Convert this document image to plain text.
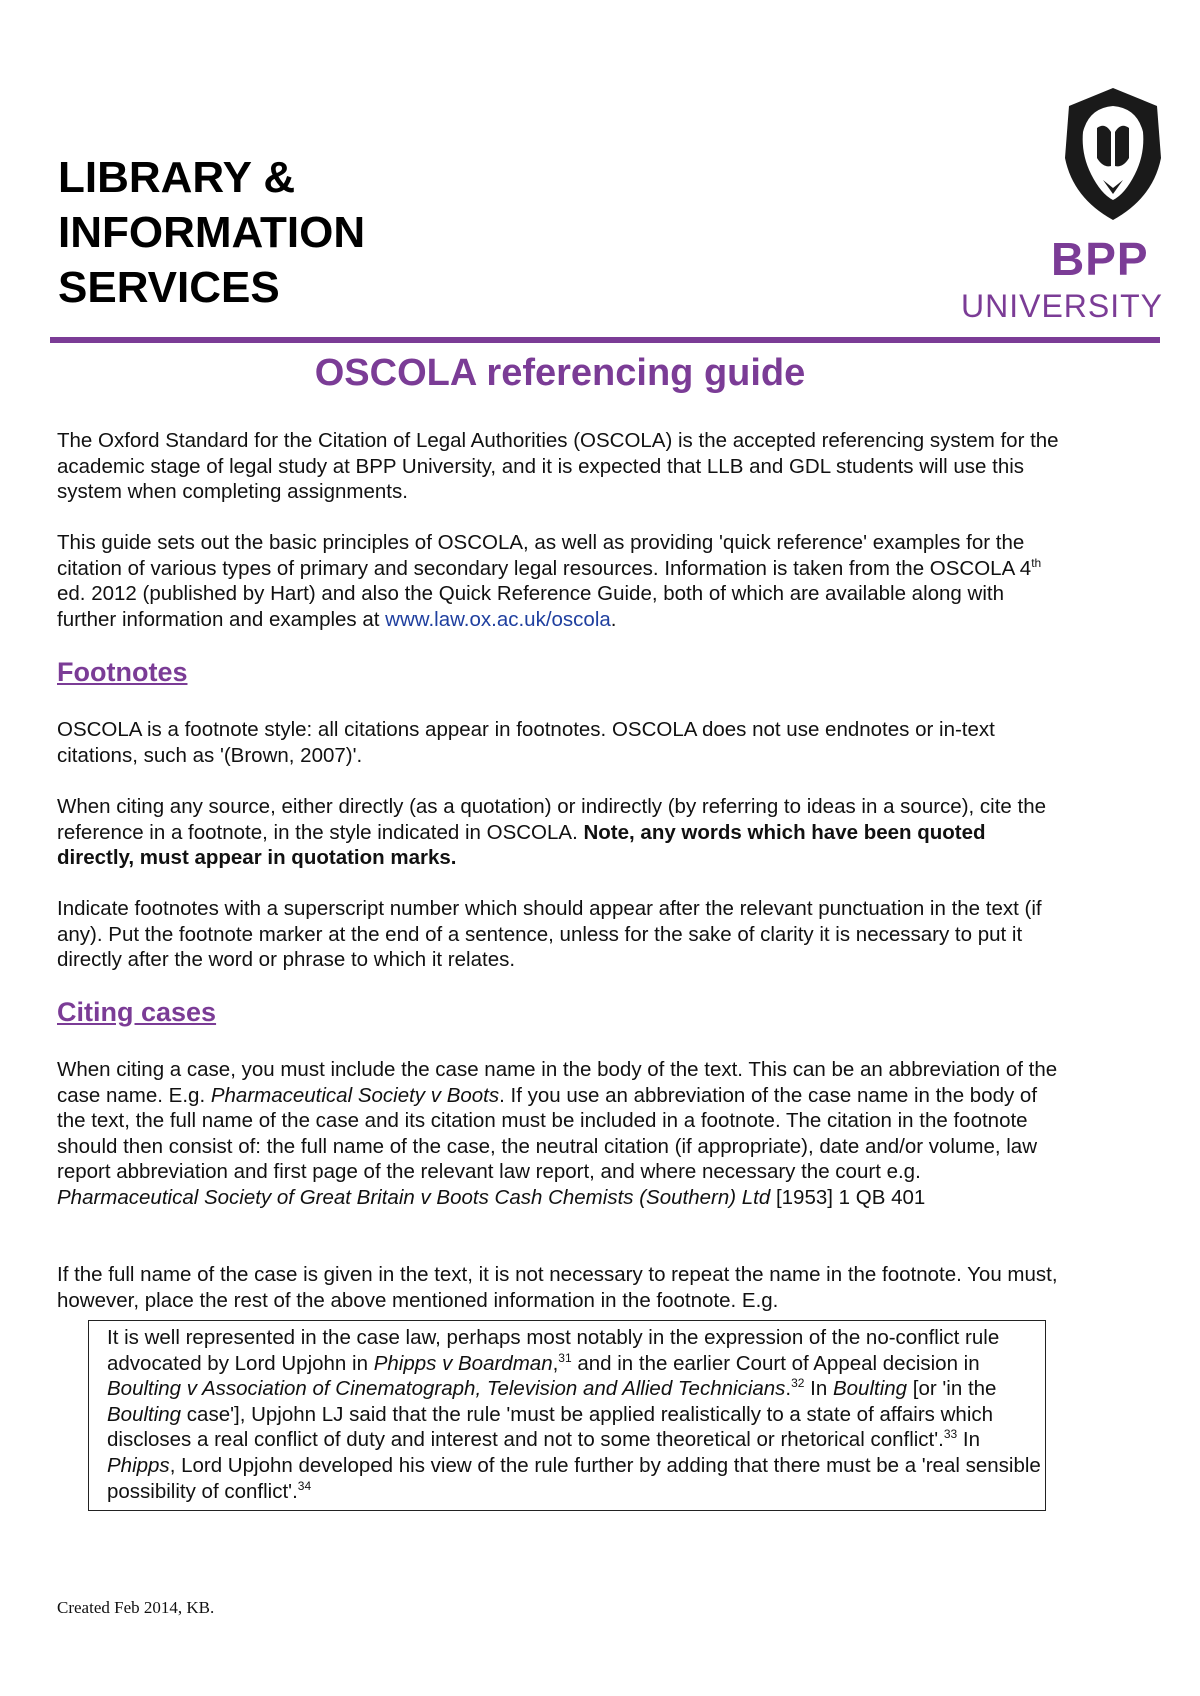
LIBRARY &
INFORMATION
SERVICES
BPP
UNIVERSITY
OSCOLA referencing guide

The Oxford Standard for the Citation of Legal Authorities (OSCOLA) is the accepted referencing system for the academic stage of legal study at BPP University, and it is expected that LLB and GDL students will use this system when completing assignments.

This guide sets out the basic principles of OSCOLA, as well as providing 'quick reference' examples for the citation of various types of primary and secondary legal resources. Information is taken from the OSCOLA 4th ed. 2012 (published by Hart) and also the Quick Reference Guide, both of which are available along with further information and examples at www.law.ox.ac.uk/oscola.

Footnotes

OSCOLA is a footnote style: all citations appear in footnotes. OSCOLA does not use endnotes or in-text citations, such as '(Brown, 2007)'.

When citing any source, either directly (as a quotation) or indirectly (by referring to ideas in a source), cite the reference in a footnote, in the style indicated in OSCOLA. Note, any words which have been quoted directly, must appear in quotation marks.

Indicate footnotes with a superscript number which should appear after the relevant punctuation in the text (if any). Put the footnote marker at the end of a sentence, unless for the sake of clarity it is necessary to put it directly after the word or phrase to which it relates.

Citing cases

When citing a case, you must include the case name in the body of the text. This can be an abbreviation of the case name. E.g. Pharmaceutical Society v Boots. If you use an abbreviation of the case name in the body of the text, the full name of the case and its citation must be included in a footnote. The citation in the footnote should then consist of: the full name of the case, the neutral citation (if appropriate), date and/or volume, law report abbreviation and first page of the relevant law report, and where necessary the court e.g. Pharmaceutical Society of Great Britain v Boots Cash Chemists (Southern) Ltd [1953] 1 QB 401

If the full name of the case is given in the text, it is not necessary to repeat the name in the footnote. You must, however, place the rest of the above mentioned information in the footnote. E.g.

It is well represented in the case law, perhaps most notably in the expression of the no-conflict rule advocated by Lord Upjohn in Phipps v Boardman,$^{31}$ and in the earlier Court of Appeal decision in Boulting v Association of Cinematograph, Television and Allied Technicians.$^{32}$ In Boulting [or 'in the Boulting case'], Upjohn LJ said that the rule 'must be applied realistically to a state of affairs which discloses a real conflict of duty and interest and not to some theoretical or rhetorical conflict'.$^{33}$ In Phipps, Lord Upjohn developed his view of the rule further by adding that there must be a 'real sensible possibility of conflict'.$^{34}$
Created Feb 2014, KB.
